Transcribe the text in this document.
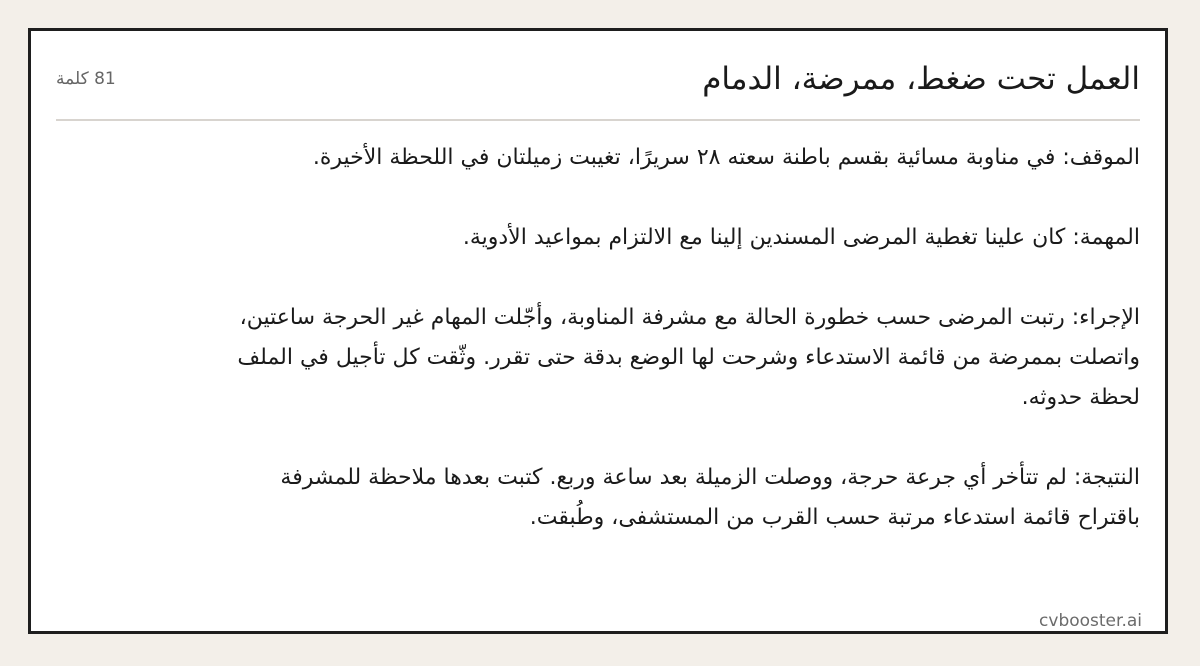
العمل تحت ضغط، ممرضة، الدمام
81 كلمة

الموقف: في مناوبة مسائية بقسم باطنة سعته ٢٨ سريرًا، تغيبت زميلتان في اللحظة الأخيرة.

المهمة: كان علينا تغطية المرضى المسندين إلينا مع الالتزام بمواعيد الأدوية.

الإجراء: رتبت المرضى حسب خطورة الحالة مع مشرفة المناوبة، وأجّلت المهام غير الحرجة ساعتين، واتصلت بممرضة من قائمة الاستدعاء وشرحت لها الوضع بدقة حتى تقرر. وثّقت كل تأجيل في الملف لحظة حدوثه.

النتيجة: لم تتأخر أي جرعة حرجة، ووصلت الزميلة بعد ساعة وربع. كتبت بعدها ملاحظة للمشرفة باقتراح قائمة استدعاء مرتبة حسب القرب من المستشفى، وطُبقت.

cvbooster.ai
